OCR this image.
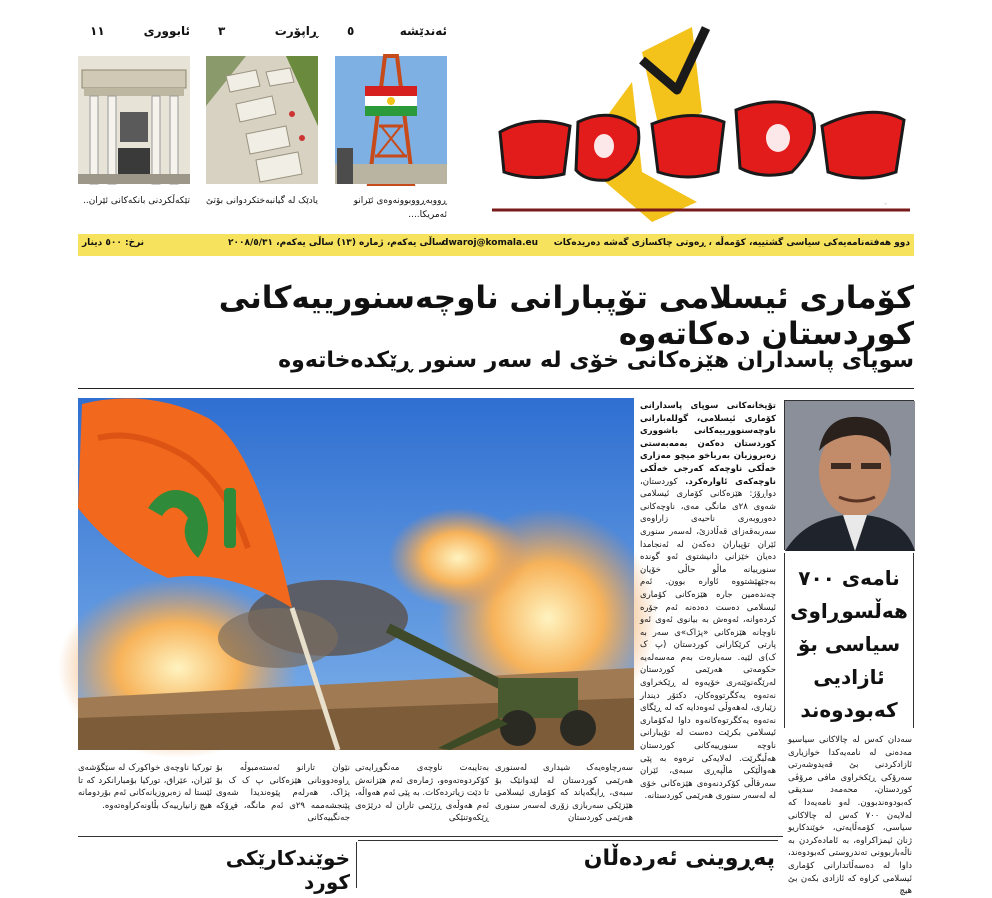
ئەندێشە
٥
ڕووبەڕووبوونەوەی ئێرانو ئەمریکا....
ڕاپۆرت
٣
یادێک لە گیانبەختکردوانی بۆتێ
ئابووری
١١
تێکەڵکردنی بانکەکانی ئێران..	دواڕۆژ
دوو هەفتەنامەیەکی سیاسی گشتییە، کۆمەڵە ، ڕەوتی چاکسازی گەشە دەریدەکات
dwaroj@komala.eu
ساڵی یەکەم، ژمارە (١٣) ساڵی یەکەم، ٢٠٠٨/٥/٣١
نرخ: ٥٠٠ دینار
کۆماری ئیسلامی تۆپبارانی ناوچەسنورییەکانی کوردستان دەکاتەوە
سوپای پاسداران هێزەکانی خۆی لە سەر سنور ڕێکدەخاتەوە
تۆپخانەکانی سوپای پاسدارانی کۆماری ئیسلامی، گوللەبارانی ناوچەسنوورییەکانی باشووری کوردستان دەکەن بەمەبەستی زەبروزیان بەرباخو میچو مەزاری خەڵکی ناوچەکە کەرجی خەڵکی ناوچەکەی ئاوارەکرد. کوردستان، دواڕۆژ: هێزەکانی کۆماری ئیسلامی شەوی ٢٨ی مانگی مەی، ناوچەکانی دەوروبەری ناحیەی زاراوەی سەربەقەزای قەڵادزێ، لەسەر سنوری ئێران تۆپباران دەکەن لە ئەنجامدا دەیان خێزانی دانیشتوی ئەو گوندە سنورییانە ماڵو حاڵی خۆیان بەجێهێشتووە ئاوارە بوون. ئەم چەندەمین جارە هێزەکانی کۆماری ئیسلامی دەست دەدەنە ئەم جۆرە کردەوانە، ئەوەش بە بیانوی ئەوی ئەو ناوچانە هێزەکانی «پژاک»ی سەر بە پارتی کرێکارانی کوردستان (پ ک ک)ی لێیە. سەبارەت بەم مەسەلەیە حکومەتی هەرێمی کوردستان لەرێگەنوێنەری خۆیەوە لە ڕێکخراوی نەتەوە یەکگرتووەکان، دکتۆر دیندار زێباری، لەهەوڵی ئەوەدایە کە لە ڕێگای نەتەوە یەکگرتوەکانەوە داوا لەکۆماری ئیسلامی بکرێت دەست لە تۆپبارانی ناوچە سنورییەکانی کوردستان هەڵبگرێت. لەلایەکی ترەوە بە پێی هەواڵێکی ماڵپەڕی سبەی، ئێران سەرقاڵی کۆکردنەوەی هێزەکانی خۆی لە لەسەر سنوری هەرێمی کوردستانە.
سەرچاوەیەک شیداری لەسنوری هەرێمی کوردستان لە لێدوانێک بۆ سبەی، ڕایگەیاند کە کۆماری ئیسلامی هێزێکی سەربازی زۆری لەسەر سنوری هەرێمی کوردستان
بەتایبەت ناوچەی مەنگوڕایەتی کۆکردوەتەوەو، ژمارەی ئەم هێزانەش تا دێت زیاتردەکات. بە پێی ئەم هەواڵە، ئەم هەوڵەی ڕژێمی تاران لە درێژەی ڕێکەوتنێکی
نێوان تارانو ئەستەمبوڵە بۆ ڕاوەدوونانی هێزەکانی پ ک ک بۆ پژاک. هەرلەم پێوەندیدا شەوی پێنجشەممە ٢٩ی ئەم مانگە، فڕۆکە جەنگییەکانی
تورکیا ناوچەی خواکورک لە سێگۆشەی ئێران، عێراق، تورکیا بۆمبارانکرد کە تا ئێستا لە زەبروزیانەکانی ئەم بۆردومانە هیچ زانیارییەک بڵاونەکراوەتەوە.
نامەی ٧٠٠ هەڵسوڕاوی سیاسی بۆ ئازادیی کەبودوەند
سەدان کەس لە چالاکانی سیاسیو مەدەنی لە نامەیەکدا خوازیاری ئازادکردنی بێ قەیدوشەرتی سەرۆکی ڕێکخراوی مافی مرۆڤی کوردستان، محەمەد سدیقی کەبودوەندبوون. لەو نامەیەدا کە لەلایەن ٧٠٠ کەس لە چالاکانی سیاسی، کۆمەڵایەتی، خوێندکاریو ژنان ئیمزاکراوە، بە ئامادەکردن بە ناڵەباربوونی تەندروستی کەبودوەند، داوا لە دەسەڵاتدارانی کۆماری ئیسلامی کراوە کە ئازادی بکەن بێ هیچ
خوێندکارێکی کورد
پەڕوینی ئەردەڵان
